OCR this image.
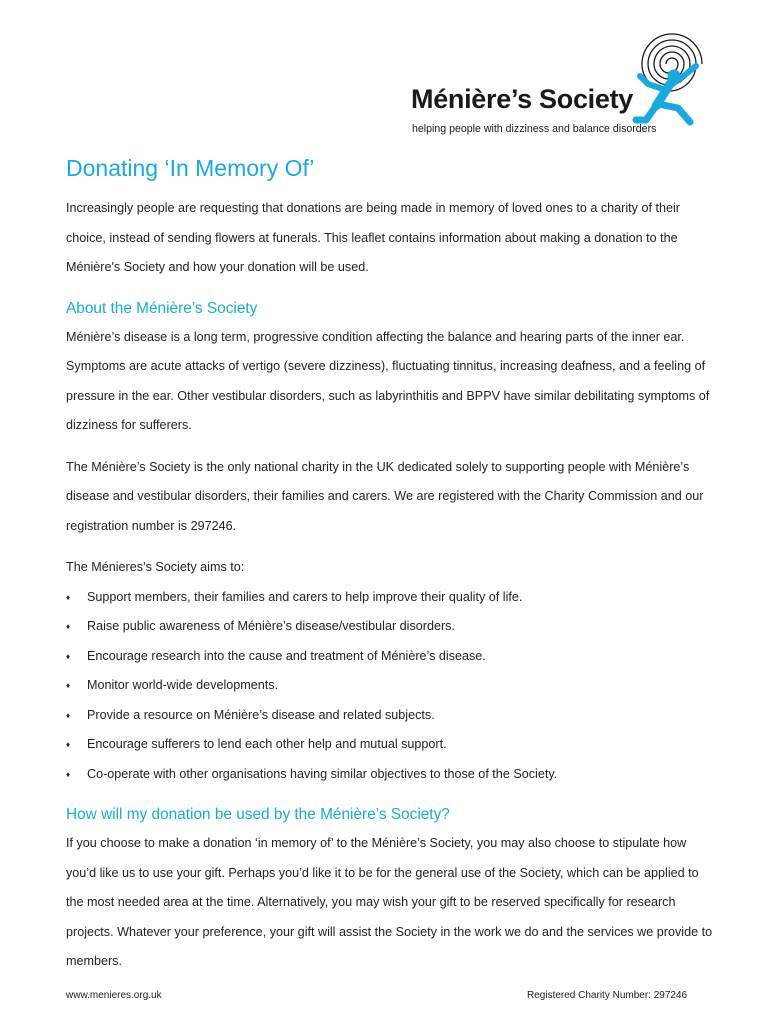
Ménière’s Society
helping people with dizziness and balance disorders
Donating ‘In Memory Of’

Increasingly people are requesting that donations are being made in memory of loved ones to a charity of their choice, instead of sending flowers at funerals. This leaflet contains information about making a donation to the Ménière's Society and how your donation will be used.

About the Ménière’s Society

Ménière’s disease is a long term, progressive condition affecting the balance and hearing parts of the inner ear. Symptoms are acute attacks of vertigo (severe dizziness), fluctuating tinnitus, increasing deafness, and a feeling of pressure in the ear. Other vestibular disorders, such as labyrinthitis and BPPV have similar debilitating symptoms of dizziness for sufferers.

The Ménière’s Society is the only national charity in the UK dedicated solely to supporting people with Ménière’s disease and vestibular disorders, their families and carers. We are registered with the Charity Commission and our registration number is 297246.

The Ménieres’s Society aims to:

♦ Support members, their families and carers to help improve their quality of life.
♦ Raise public awareness of Ménière’s disease/vestibular disorders.
♦ Encourage research into the cause and treatment of Ménière’s disease.
♦ Monitor world-wide developments.
♦ Provide a resource on Ménière’s disease and related subjects.
♦ Encourage sufferers to lend each other help and mutual support.
♦ Co-operate with other organisations having similar objectives to those of the Society.
How will my donation be used by the Ménière’s Society?

If you choose to make a donation ‘in memory of’ to the Ménière’s Society, you may also choose to stipulate how you’d like us to use your gift. Perhaps you’d like it to be for the general use of the Society, which can be applied to the most needed area at the time. Alternatively, you may wish your gift to be reserved specifically for research projects. Whatever your preference, your gift will assist the Society in the work we do and the services we provide to members.

www.menieres.org.uk	Registered Charity Number: 297246
